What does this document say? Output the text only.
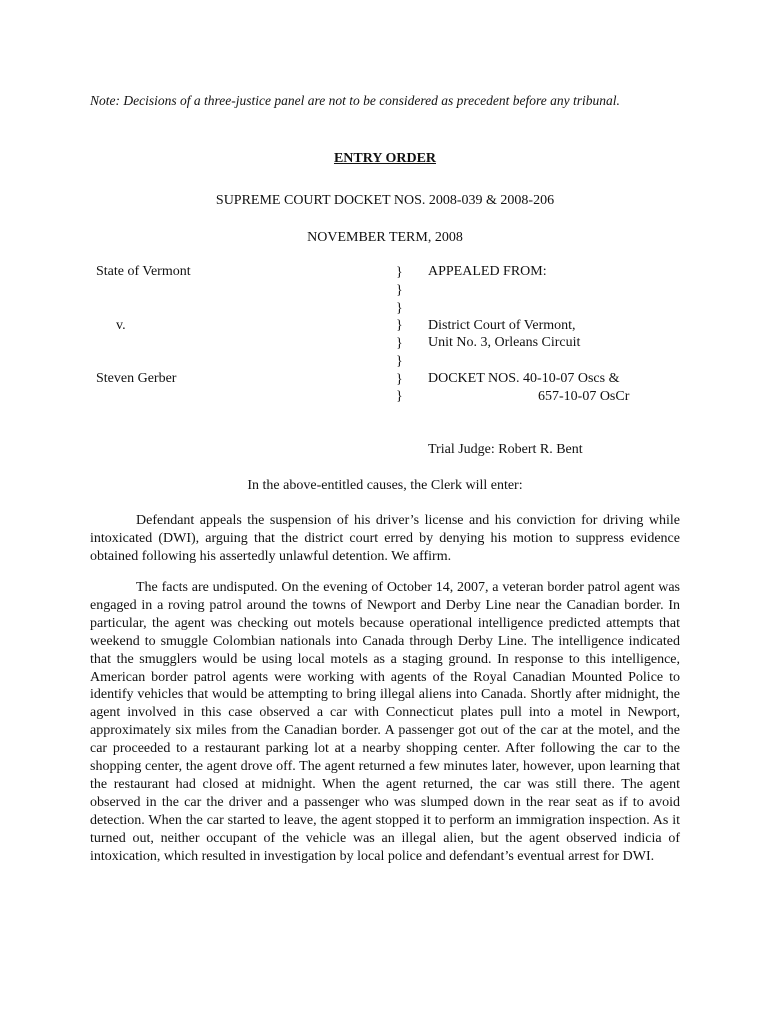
Note: Decisions of a three-justice panel are not to be considered as precedent before any tribunal.
ENTRY ORDER
SUPREME COURT DOCKET NOS. 2008-039 & 2008-206
NOVEMBER TERM, 2008
State of Vermont
v.
Steven Gerber
}
}
}
}
}
}
}
}
APPEALED FROM:
District Court of Vermont,
Unit No. 3, Orleans Circuit
DOCKET NOS. 40-10-07 Oscs &
657-10-07 OsCr
Trial Judge: Robert R. Bent
In the above-entitled causes, the Clerk will enter:

Defendant appeals the suspension of his driver’s license and his conviction for driving while intoxicated (DWI), arguing that the district court erred by denying his motion to suppress evidence obtained following his assertedly unlawful detention. We affirm.

The facts are undisputed. On the evening of October 14, 2007, a veteran border patrol agent was engaged in a roving patrol around the towns of Newport and Derby Line near the Canadian border. In particular, the agent was checking out motels because operational intelligence predicted attempts that weekend to smuggle Colombian nationals into Canada through Derby Line. The intelligence indicated that the smugglers would be using local motels as a staging ground. In response to this intelligence, American border patrol agents were working with agents of the Royal Canadian Mounted Police to identify vehicles that would be attempting to bring illegal aliens into Canada. Shortly after midnight, the agent involved in this case observed a car with Connecticut plates pull into a motel in Newport, approximately six miles from the Canadian border. A passenger got out of the car at the motel, and the car proceeded to a restaurant parking lot at a nearby shopping center. After following the car to the shopping center, the agent drove off. The agent returned a few minutes later, however, upon learning that the restaurant had closed at midnight. When the agent returned, the car was still there. The agent observed in the car the driver and a passenger who was slumped down in the rear seat as if to avoid detection. When the car started to leave, the agent stopped it to perform an immigration inspection. As it turned out, neither occupant of the vehicle was an illegal alien, but the agent observed indicia of intoxication, which resulted in investigation by local police and defendant’s eventual arrest for DWI.
